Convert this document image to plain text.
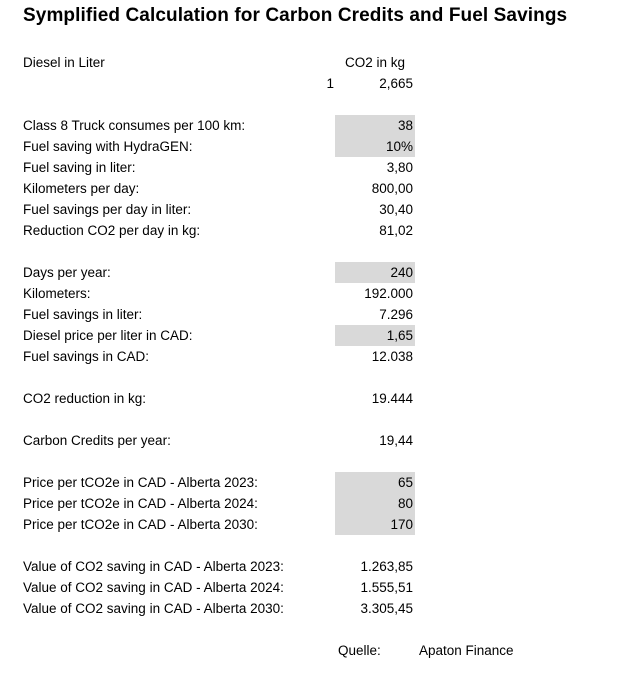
Symplified Calculation for Carbon Credits and Fuel Savings
Diesel in Liter	CO2 in kg
1	2,665
Class 8 Truck consumes per 100 km:	38
Fuel saving with HydraGEN:	10%
Fuel saving in liter:	3,80
Kilometers per day:	800,00
Fuel savings per day in liter:	30,40
Reduction CO2 per day in kg:	81,02
Days per year:	240
Kilometers:	192.000
Fuel savings in liter:	7.296
Diesel price per liter in CAD:	1,65
Fuel savings in CAD:	12.038
CO2 reduction in kg:	19.444
Carbon Credits per year:	19,44
Price per tCO2e in CAD - Alberta 2023:	65
Price per tCO2e in CAD - Alberta 2024:	80
Price per tCO2e in CAD - Alberta 2030:	170
Value of CO2 saving in CAD - Alberta 2023:	1.263,85
Value of CO2 saving in CAD - Alberta 2024:	1.555,51
Value of CO2 saving in CAD - Alberta 2030:	3.305,45
Quelle:	Apaton Finance
